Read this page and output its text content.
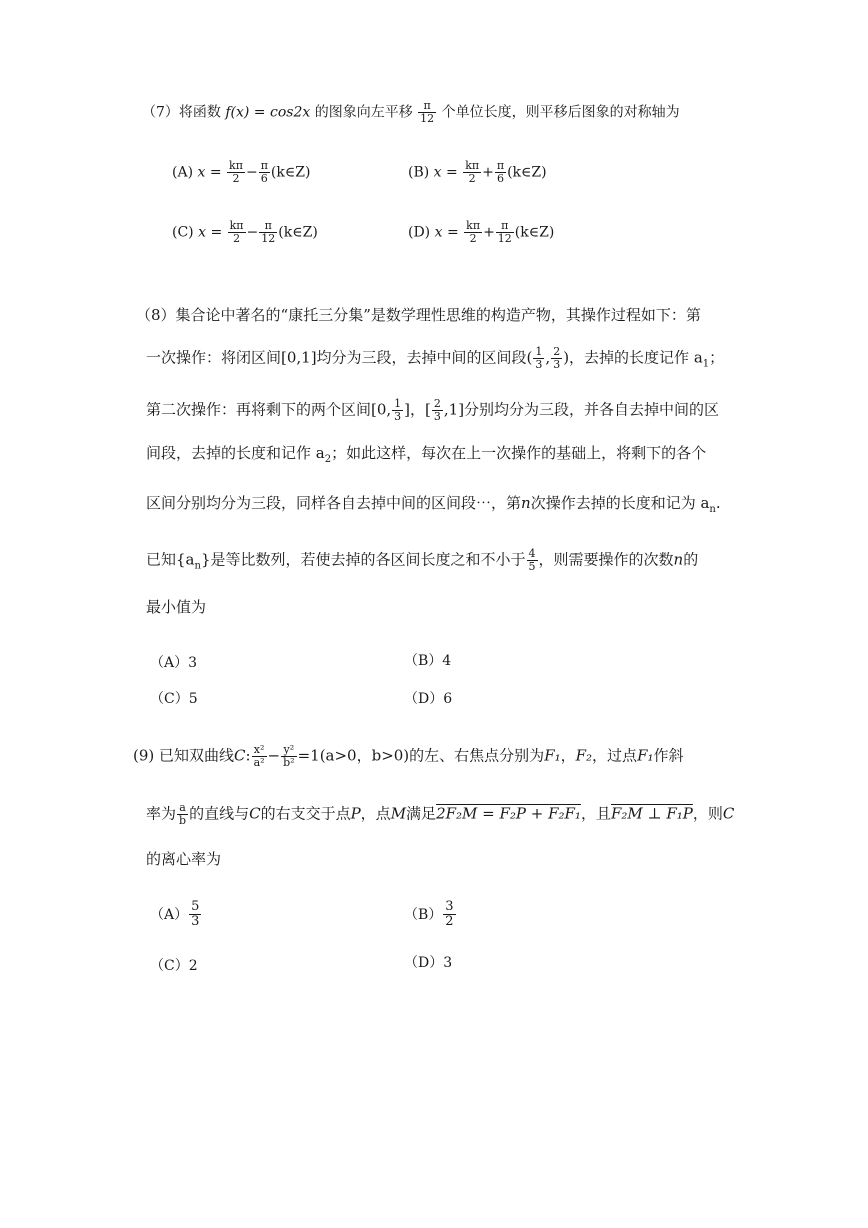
（7）将函数 f(x) = cos2x 的图象向左平移 $\frac{\pi}{12}$ 个单位长度，则平移后图象的对称轴为
(A) $x = \frac{k\pi}{2} - \frac{\pi}{6}$ (k∈Z)	(B) $x = \frac{k\pi}{2} + \frac{\pi}{6}$ (k∈Z)
(C) $x = \frac{k\pi}{2} - \frac{\pi}{12}$ (k∈Z)	(D) $x = \frac{k\pi}{2} + \frac{\pi}{12}$ (k∈Z)
（8）集合论中著名的“康托三分集”是数学理性思维的构造产物，其操作过程如下：第
一次操作：将闭区间[0,1]均分为三段，去掉中间的区间段( $\frac{1}{3}$ , $\frac{2}{3}$ )，去掉的长度记作 $a_1$；
第二次操作：再将剩下的两个区间[0, $\frac{1}{3}$ ]，[ $\frac{2}{3} ,1$]分别均分为三段，并各自去掉中间的区
间段，去掉的长度和记作 $a_2$；如此这样，每次在上一次操作的基础上，将剩下的各个
区间分别均分为三段，同样各自去掉中间的区间段⋯，第n次操作去掉的长度和记为 $a_n$.
已知$\{a_n\}$是等比数列，若使去掉的各区间长度之和不小于 $\frac{4}{5}$ ，则需要操作的次数n的
最小值为
（A）3	（B）4
（C）5	（D）6
(9) 已知双曲线C: $\frac{\text{x²}}{\text{a²}} - \frac{\text{y²}}{\text{b²}} =1(a>0$，b>0)的左、右焦点分别为F₁，F₂，过点F₁作斜
率为 $\frac{a}{b}$ 的直线与C的右支交于点P，点M满足2F₂M = F₂P + F₂F₁，且F₂M ⊥ F₁P，则C
的离心率为
$(A) \frac{5}{3}$	$(B) \frac{3}{2}$
（C）2	（D）3
